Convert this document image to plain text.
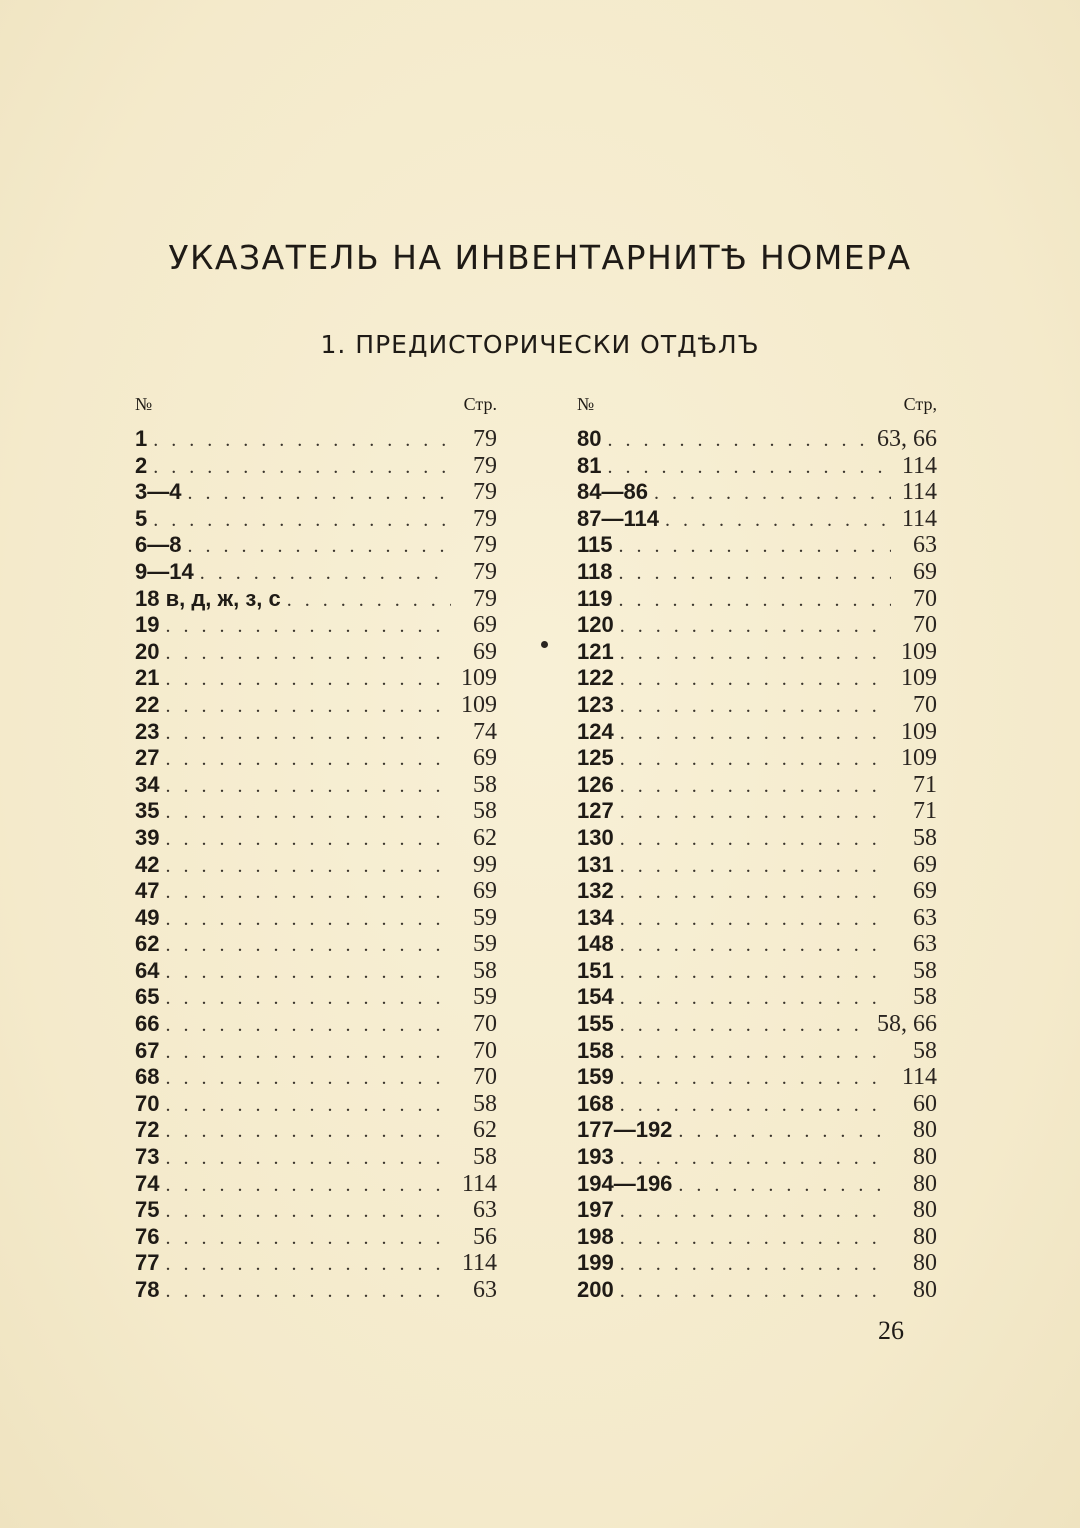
УКАЗАТЕЛЬ НА ИНВЕНТАРНИТѢ НОМЕРА
1. ПРЕДИСТОРИЧЕСКИ ОТДѢЛЪ
№	Стр.
1 . . .	79
2 . . .	79
3—4 . . .	79
5 . . .	79
6—8 . . .	79
9—14 . . .	79
18 в, д, ж, з, с . . .	79
19 . . .	69
20 . . .	69
21 . . .	109
22 . . .	109
23 . . .	74
27 . . .	69
34 . . .	58
35 . . .	58
39 . . .	62
42 . . .	99
47 . . .	69
49 . . .	59
62 . . .	59
64 . . .	58
65 . . .	59
66 . . .	70
67 . . .	70
68 . . .	70
70 . . .	58
72 . . .	62
73 . . .	58
74 . . .	114
75 . . .	63
76 . . .	56
77 . . .	114
78 . . .	63
№	Стр,
80 . . .	63, 66
81 . . .	114
84—86 . . .	114
87—114 . . .	114
115 . . .	63
118 . . .	69
119 . . .	70
120 . . .	70
121 . . .	109
122 . . .	109
123 . . .	70
124 . . .	109
125 . . .	109
126 . . .	71
127 . . .	71
130 . . .	58
131 . . .	69
132 . . .	69
134 . . .	63
148 . . .	63
151 . . .	58
154 . . .	58
155 . . .	58, 66
158 . . .	58
159 . . .	114
168 . . .	60
177—192 . . .	80
193 . . .	80
194—196 . . .	80
197 . . .	80
198 . . .	80
199 . . .	80
200 . . .	80
26
